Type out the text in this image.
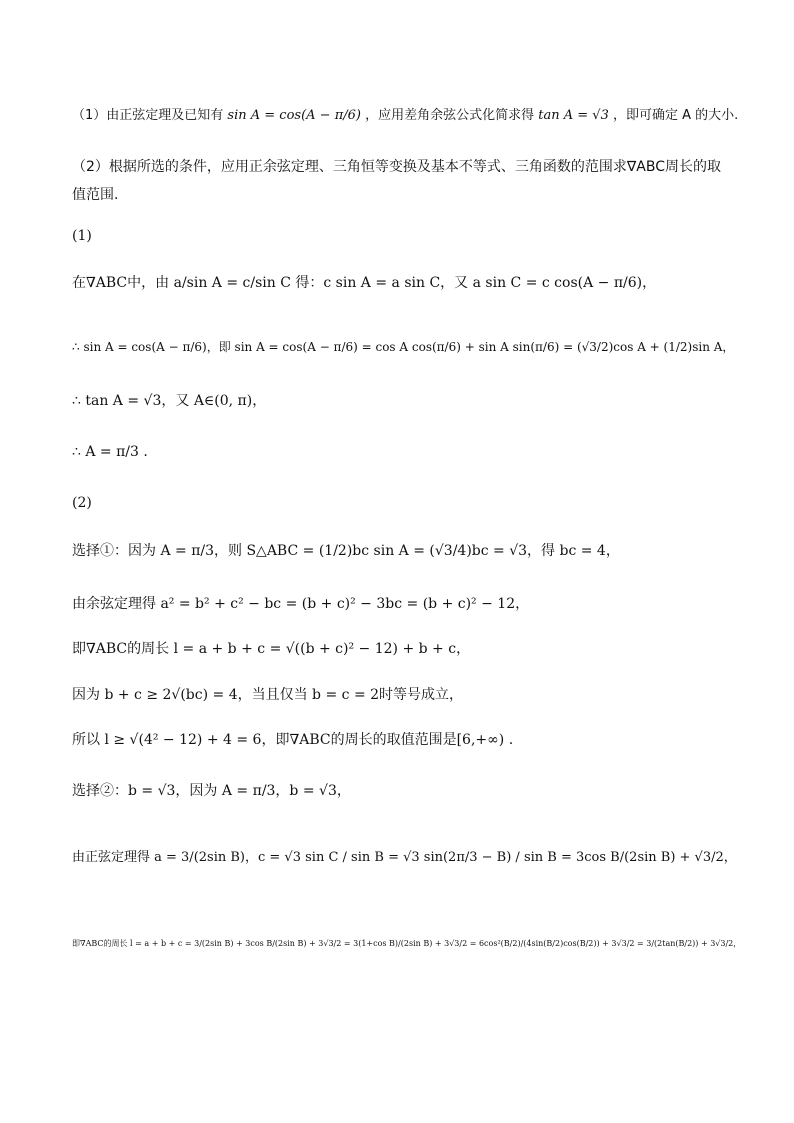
（1）由正弦定理及已知有 sin A = cos(A − π/6) ，应用差角余弦公式化简求得 tan A = √3 ，即可确定 A 的大小.
（2）根据所选的条件，应用正余弦定理、三角恒等变换及基本不等式、三角函数的范围求∇ABC周长的取
值范围.
(1)
在∇ABC中，由 a/sin A = c/sin C 得：c sin A = a sin C，又 a sin C = c cos(A − π/6)，
∴ sin A = cos(A − π/6)，即 sin A = cos(A − π/6) = cos A cos(π/6) + sin A sin(π/6) = (√3/2)cos A + (1/2)sin A，
∴ tan A = √3，又 A∈(0, π)，
∴ A = π/3 .
(2)
选择①：因为 A = π/3，则 S△ABC = (1/2)bc sin A = (√3/4)bc = √3，得 bc = 4，
由余弦定理得 a² = b² + c² − bc = (b + c)² − 3bc = (b + c)² − 12，
即∇ABC的周长 l = a + b + c = √((b + c)² − 12) + b + c，
因为 b + c ≥ 2√(bc) = 4，当且仅当 b = c = 2时等号成立，
所以 l ≥ √(4² − 12) + 4 = 6，即∇ABC的周长的取值范围是[6,+∞) .
选择②：b = √3，因为 A = π/3，b = √3，
由正弦定理得 a = 3/(2sin B)，c = √3 sin C / sin B = √3 sin(2π/3 − B) / sin B = 3cos B/(2sin B) + √3/2，
即∇ABC的周长 l = a + b + c = 3/(2sin B) + 3cos B/(2sin B) + 3√3/2 = 3(1+cos B)/(2sin B) + 3√3/2 = 6cos²(B/2)/(4sin(B/2)cos(B/2)) + 3√3/2 = 3/(2tan(B/2)) + 3√3/2，
